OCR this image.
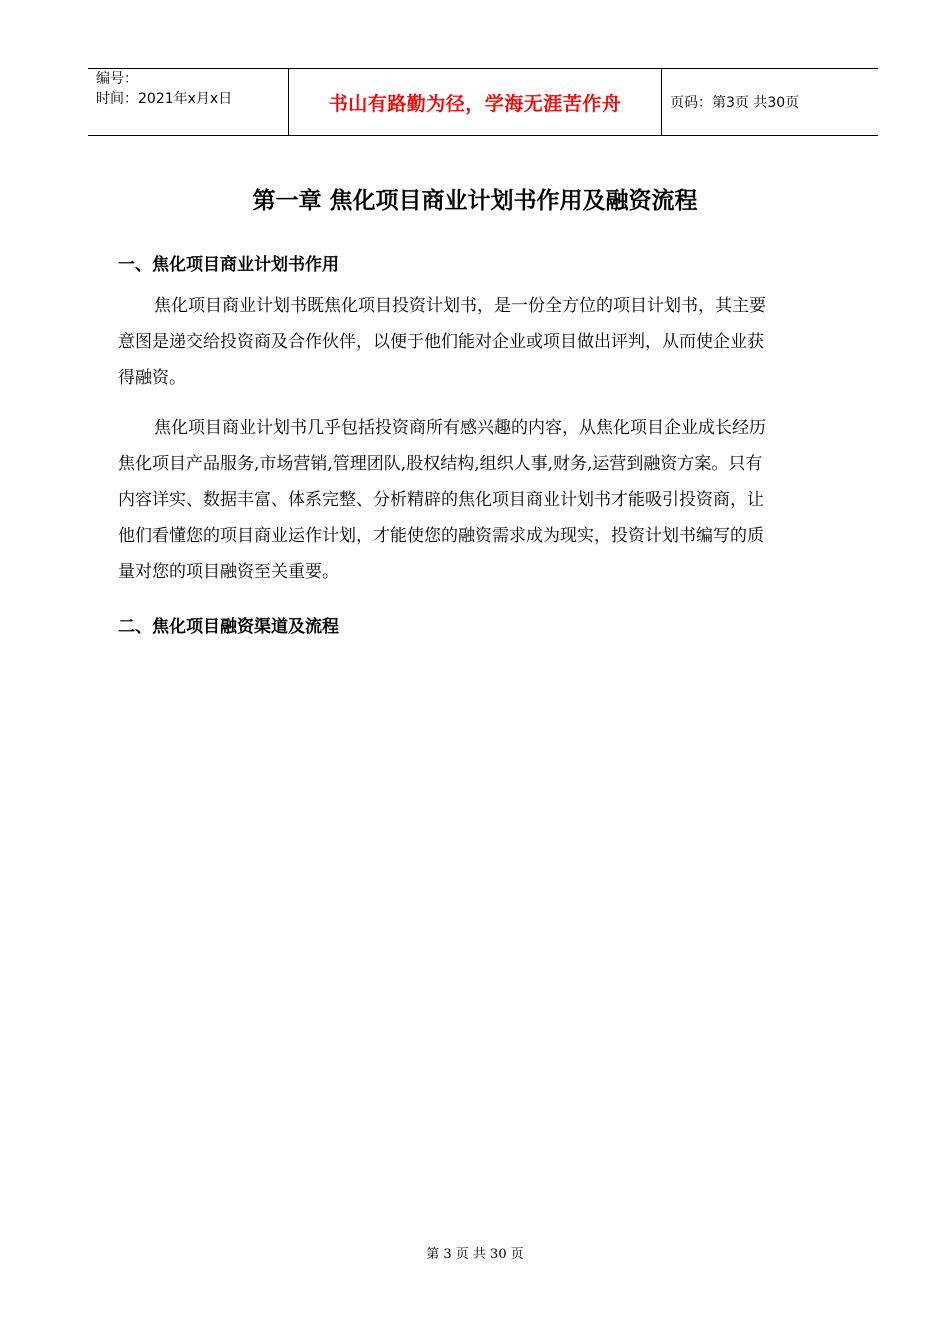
编号：
时间：2021年x月x日	书山有路勤为径，学海无涯苦作舟	页码：第3页 共30页
第一章 焦化项目商业计划书作用及融资流程
一、焦化项目商业计划书作用
焦化项目商业计划书既焦化项目投资计划书，是一份全方位的项目计划书，其主要
意图是递交给投资商及合作伙伴，以便于他们能对企业或项目做出评判，从而使企业获
得融资。
焦化项目商业计划书几乎包括投资商所有感兴趣的内容，从焦化项目企业成长经历
焦化项目产品服务,市场营销,管理团队,股权结构,组织人事,财务,运营到融资方案。只有
内容详实、数据丰富、体系完整、分析精辟的焦化项目商业计划书才能吸引投资商，让
他们看懂您的项目商业运作计划，才能使您的融资需求成为现实，投资计划书编写的质
量对您的项目融资至关重要。
二、焦化项目融资渠道及流程
第 3 页 共 30 页
